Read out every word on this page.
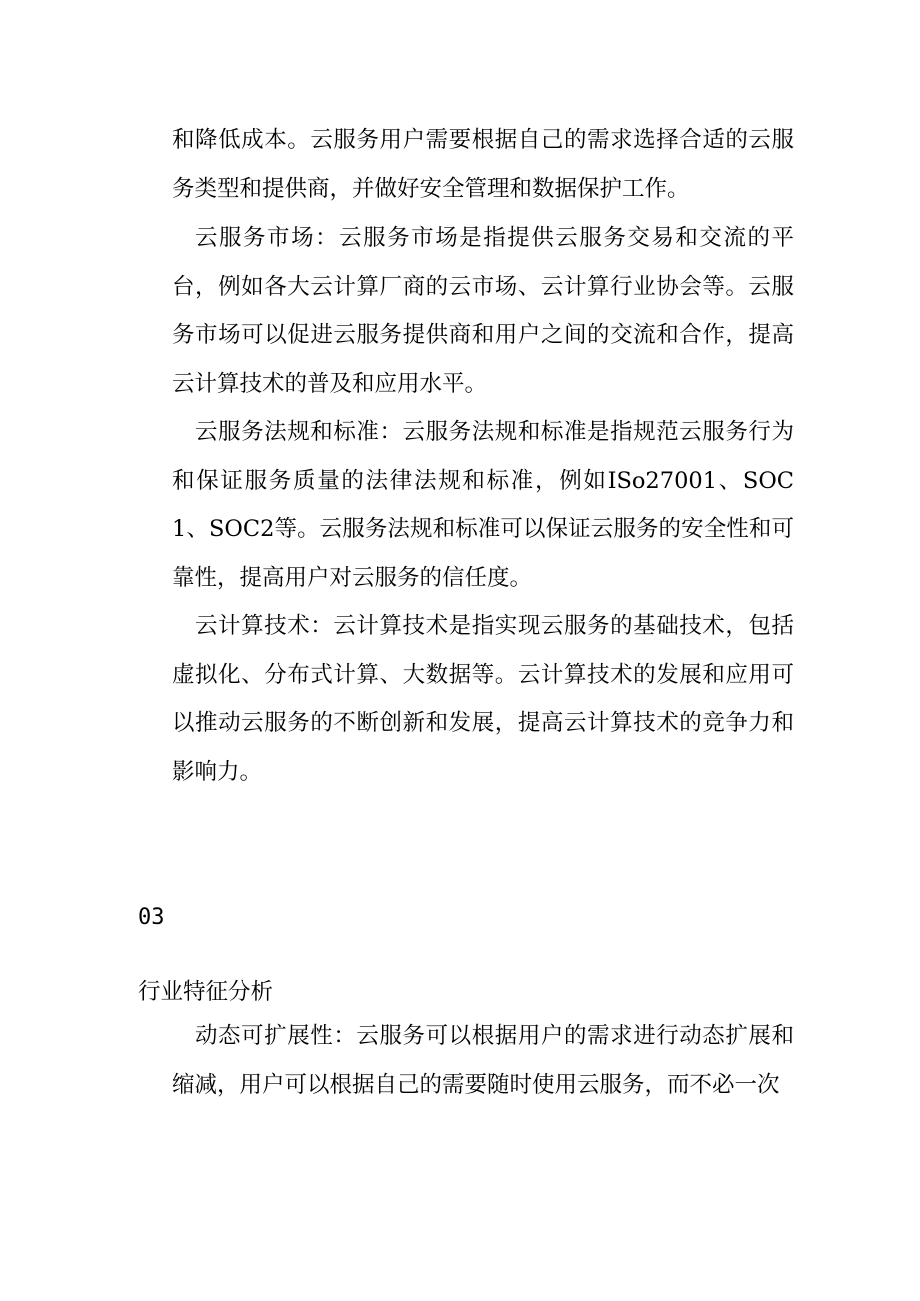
和降低成本。云服务用户需要根据自己的需求选择合适的云服务类型和提供商，并做好安全管理和数据保护工作。

云服务市场：云服务市场是指提供云服务交易和交流的平台，例如各大云计算厂商的云市场、云计算行业协会等。云服务市场可以促进云服务提供商和用户之间的交流和合作，提高云计算技术的普及和应用水平。

云服务法规和标准：云服务法规和标准是指规范云服务行为和保证服务质量的法律法规和标准，例如ISo27001、SOC1、SOC2等。云服务法规和标准可以保证云服务的安全性和可靠性，提高用户对云服务的信任度。

云计算技术：云计算技术是指实现云服务的基础技术，包括虚拟化、分布式计算、大数据等。云计算技术的发展和应用可以推动云服务的不断创新和发展，提高云计算技术的竞争力和影响力。

03
行业特征分析

动态可扩展性：云服务可以根据用户的需求进行动态扩展和缩减，用户可以根据自己的需要随时使用云服务，而不必一次
